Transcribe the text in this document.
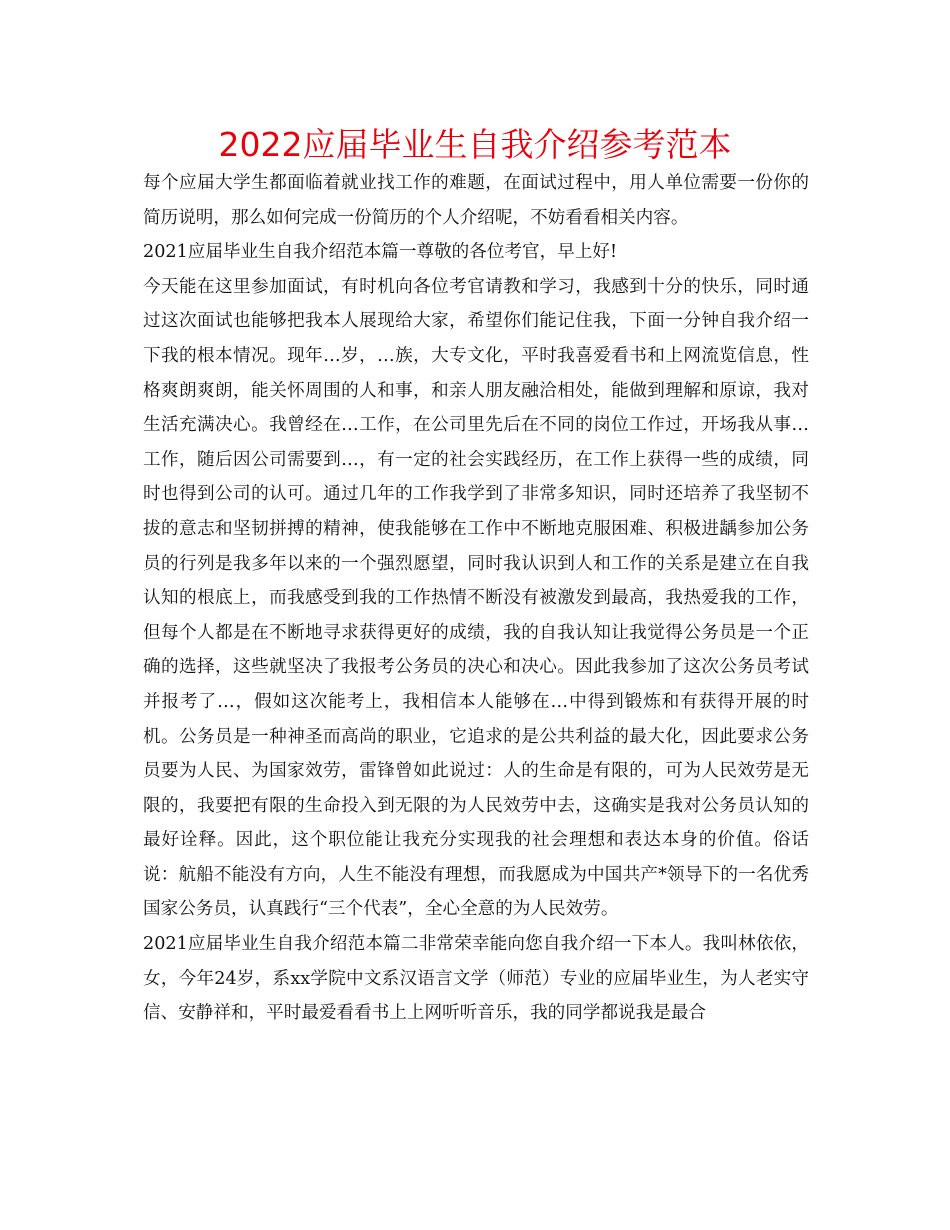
2022应届毕业生自我介绍参考范本

每个应届大学生都面临着就业找工作的难题，在面试过程中，用人单位需要一份你的简历说明，那么如何完成一份简历的个人介绍呢，不妨看看相关内容。

2021应届毕业生自我介绍范本篇一尊敬的各位考官，早上好!

今天能在这里参加面试，有时机向各位考官请教和学习，我感到十分的快乐，同时通过这次面试也能够把我本人展现给大家，希望你们能记住我，下面一分钟自我介绍一下我的根本情况。现年…岁，…族，大专文化，平时我喜爱看书和上网流览信息，性格爽朗爽朗，能关怀周围的人和事，和亲人朋友融洽相处，能做到理解和原谅，我对生活充满决心。我曾经在…工作，在公司里先后在不同的岗位工作过，开场我从事…工作，随后因公司需要到…，有一定的社会实践经历，在工作上获得一些的成绩，同时也得到公司的认可。通过几年的工作我学到了非常多知识，同时还培养了我坚韧不拔的意志和坚韧拼搏的精神，使我能够在工作中不断地克服困难、积极进龋参加公务员的行列是我多年以来的一个强烈愿望，同时我认识到人和工作的关系是建立在自我认知的根底上，而我感受到我的工作热情不断没有被激发到最高，我热爱我的工作，但每个人都是在不断地寻求获得更好的成绩，我的自我认知让我觉得公务员是一个正确的选择，这些就坚决了我报考公务员的决心和决心。因此我参加了这次公务员考试并报考了…，假如这次能考上，我相信本人能够在…中得到锻炼和有获得开展的时机。公务员是一种神圣而高尚的职业，它追求的是公共利益的最大化，因此要求公务员要为人民、为国家效劳，雷锋曾如此说过：人的生命是有限的，可为人民效劳是无限的，我要把有限的生命投入到无限的为人民效劳中去，这确实是我对公务员认知的最好诠释。因此，这个职位能让我充分实现我的社会理想和表达本身的价值。俗话说：航船不能没有方向，人生不能没有理想，而我愿成为中国共产*领导下的一名优秀国家公务员，认真践行“三个代表”，全心全意的为人民效劳。

2021应届毕业生自我介绍范本篇二非常荣幸能向您自我介绍一下本人。我叫林依依，女，今年24岁，系xx学院中文系汉语言文学（师范）专业的应届毕业生，为人老实守信、安静祥和，平时最爱看看书上上网听听音乐，我的同学都说我是最合
